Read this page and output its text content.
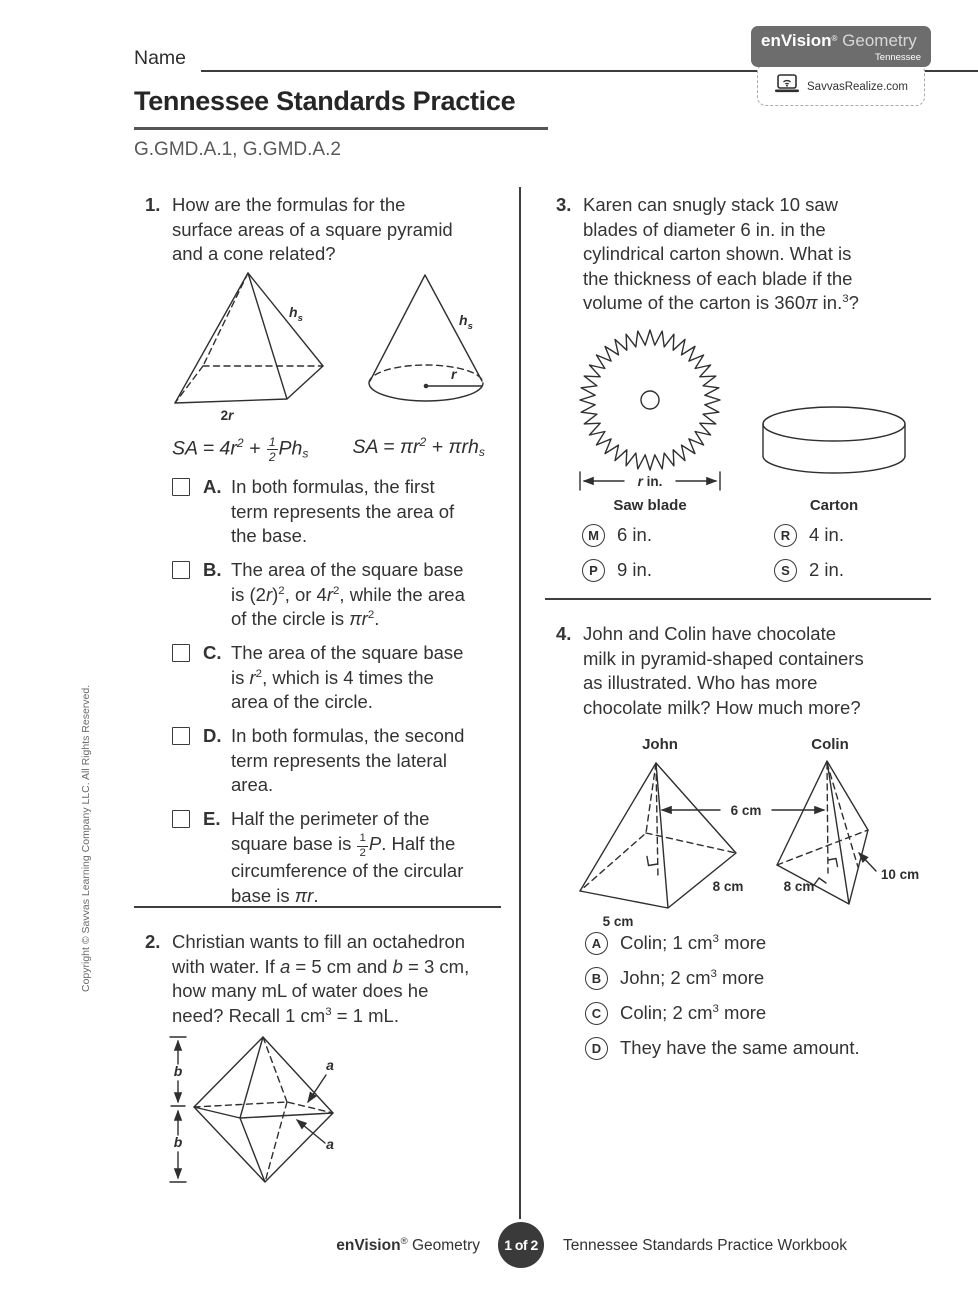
Name
enVision® Geometry
Tennessee
SavvasRealize.com
Tennessee Standards Practice
G.GMD.A.1, G.GMD.A.2
Copyright © Savvas Learning Company LLC. All Rights Reserved.
1. How are the formulas for the
surface areas of a square pyramid
and a cone related?
$h_s$
2r
r
$h_s$
SA = $4r^2 + \frac{1}{2} Ph_s$ SA = $\pi r^2 + \pi rh_s$
A. In both formulas, the first
term represents the area of
the base.
B. The area of the square base
is $(2r)^2$, or $4r^2$, while the area
of the circle is $\pi r^2$.
C. The area of the square base
is $r^2$, which is 4 times the
area of the circle.
D. In both formulas, the second
term represents the lateral
area.
E. Half the perimeter of the
square base is $\frac{1}{2} P$. Half the
circumference of the circular
base is πr.
2. Christian wants to fill an octahedron
with water. If a = 5 cm and b = 3 cm,
how many mL of water does he
need? Recall 1 $cm^3 = 1$ mL.
b
b
a
a
3. Karen can snugly stack 10 saw
blades of diameter 6 in. in the
cylindrical carton shown. What is
the thickness of each blade if the
volume of the carton is 360π in.$^3$?
r in.
Saw blade	Carton
M 6 in.	R	4 in.
P	9 in.	S	2 in.
4. John and Colin have chocolate
milk in pyramid-shaped containers
as illustrated. Who has more
chocolate milk? How much more?
John	Colin
5 cm
8 cm
6 cm
8 cm
10 cm
A	Colin; 1 $cm^3$ more
B	John; 2 $cm^3$ more
C	Colin; 2 $cm^3$ more
D	They have the same amount.
enVision® Geometry	1 of 2	Tennessee Standards Practice Workbook
